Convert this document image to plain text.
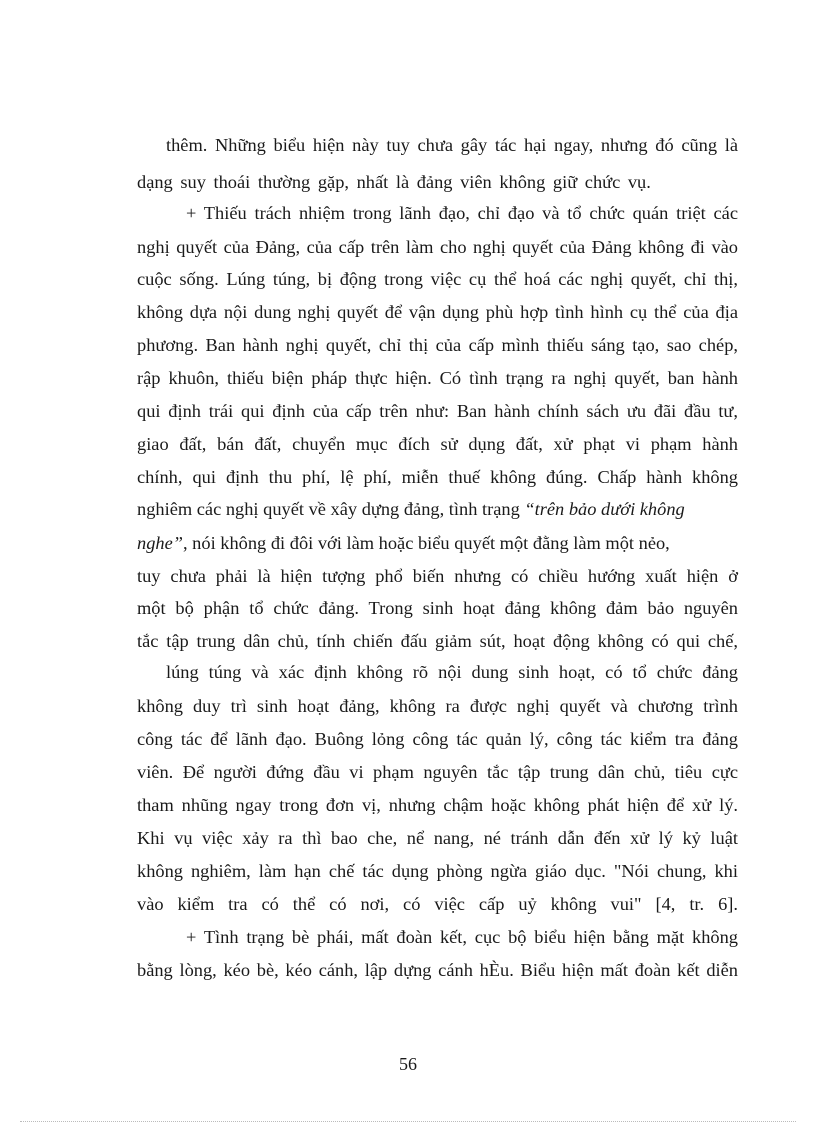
thêm. Những biểu hiện này tuy chưa gây tác hại ngay, nhưng đó cũng là
dạng suy thoái thường gặp, nhất là đảng viên không giữ chức vụ.
+ Thiếu trách nhiệm trong lãnh đạo, chỉ đạo và tổ chức quán triệt các
nghị quyết của Đảng, của cấp trên làm cho nghị quyết của Đảng không đi vào
cuộc sống. Lúng túng, bị động trong việc cụ thể hoá các nghị quyết, chỉ thị,
không dựa nội dung nghị quyết để vận dụng phù hợp tình hình cụ thể của địa
phương. Ban hành nghị quyết, chỉ thị của cấp mình thiếu sáng tạo, sao chép,
rập khuôn, thiếu biện pháp thực hiện. Có tình trạng ra nghị quyết, ban hành
qui định trái qui định của cấp trên như: Ban hành chính sách ưu đãi đầu tư,
giao đất, bán đất, chuyển mục đích sử dụng đất, xử phạt vi phạm hành
chính, qui định thu phí, lệ phí, miễn thuế không đúng. Chấp hành không
nghiêm các nghị quyết về xây dựng đảng, tình trạng “trên bảo dưới không
nghe”, nói không đi đôi với làm hoặc biểu quyết một đằng làm một nẻo,
tuy chưa phải là hiện tượng phổ biến nhưng có chiều hướng xuất hiện ở
một bộ phận tổ chức đảng. Trong sinh hoạt đảng không đảm bảo nguyên
tắc tập trung dân chủ, tính chiến đấu giảm sút, hoạt động không có qui chế,
lúng túng và xác định không rõ nội dung sinh hoạt, có tổ chức đảng
không duy trì sinh hoạt đảng, không ra được nghị quyết và chương trình
công tác để lãnh đạo. Buông lỏng công tác quản lý, công tác kiểm tra đảng
viên. Để người đứng đầu vi phạm nguyên tắc tập trung dân chủ, tiêu cực
tham nhũng ngay trong đơn vị, nhưng chậm hoặc không phát hiện để xử lý.
Khi vụ việc xảy ra thì bao che, nể nang, né tránh dẫn đến xử lý kỷ luật
không nghiêm, làm hạn chế tác dụng phòng ngừa giáo dục. "Nói chung, khi
vào kiểm tra có thể có nơi, có việc cấp uỷ không vui" [4, tr. 6].
+ Tình trạng bè phái, mất đoàn kết, cục bộ biểu hiện bằng mặt không
bằng lòng, kéo bè, kéo cánh, lập dựng cánh hÈu. Biểu hiện mất đoàn kết diễn
56
